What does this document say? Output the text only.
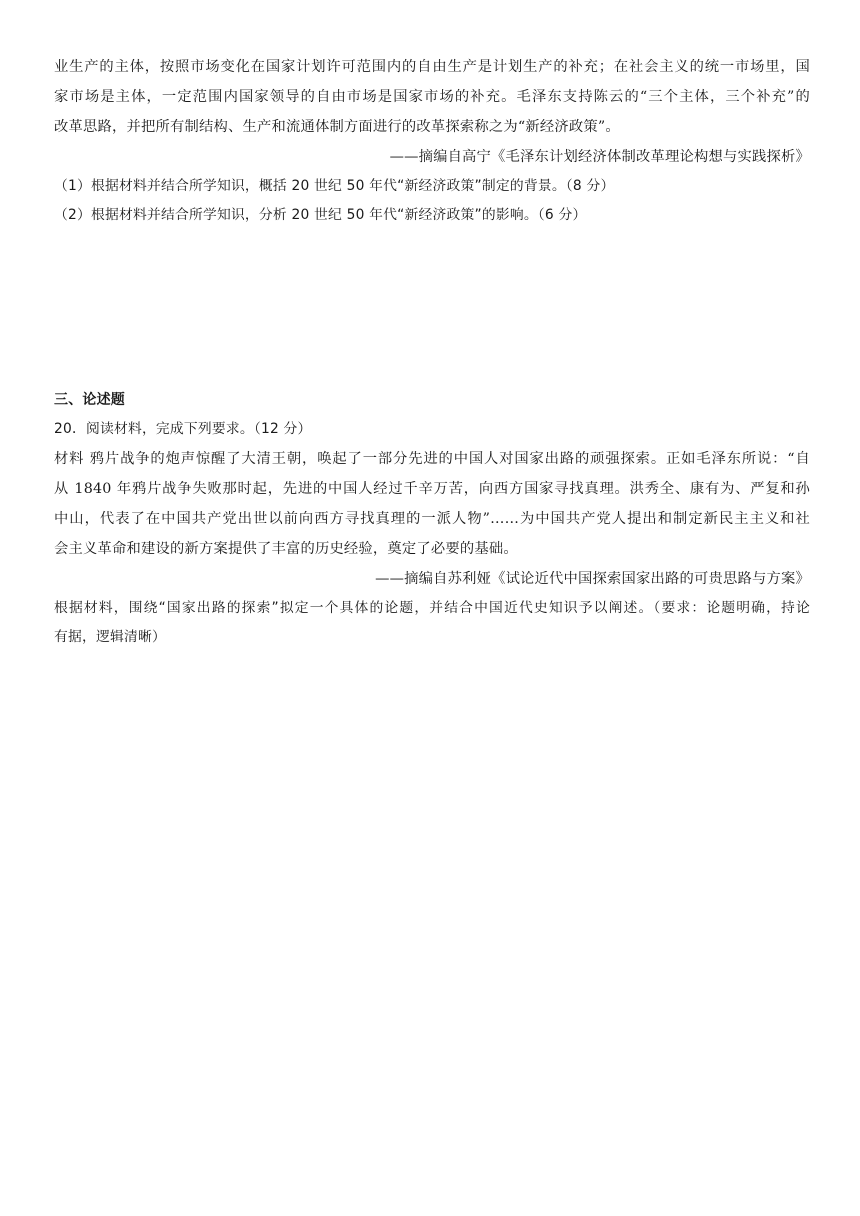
业生产的主体，按照市场变化在国家计划许可范围内的自由生产是计划生产的补充；在社会主义的统一市场里，国
家市场是主体，一定范围内国家领导的自由市场是国家市场的补充。毛泽东支持陈云的“三个主体，三个补充”的
改革思路，并把所有制结构、生产和流通体制方面进行的改革探索称之为“新经济政策”。
——摘编自高宁《毛泽东计划经济体制改革理论构想与实践探析》
（1）根据材料并结合所学知识，概括 20 世纪 50 年代“新经济政策”制定的背景。（8 分）
（2）根据材料并结合所学知识，分析 20 世纪 50 年代“新经济政策”的影响。（6 分）
三、论述题
20．阅读材料，完成下列要求。（12 分）
材料 鸦片战争的炮声惊醒了大清王朝，唤起了一部分先进的中国人对国家出路的顽强探索。正如毛泽东所说：“自
从 1840 年鸦片战争失败那时起，先进的中国人经过千辛万苦，向西方国家寻找真理。洪秀全、康有为、严复和孙
中山，代表了在中国共产党出世以前向西方寻找真理的一派人物”……为中国共产党人提出和制定新民主主义和社
会主义革命和建设的新方案提供了丰富的历史经验，奠定了必要的基础。
——摘编自苏利娅《试论近代中国探索国家出路的可贵思路与方案》
根据材料，围绕“国家出路的探索”拟定一个具体的论题，并结合中国近代史知识予以阐述。（要求：论题明确，持论
有据，逻辑清晰）
